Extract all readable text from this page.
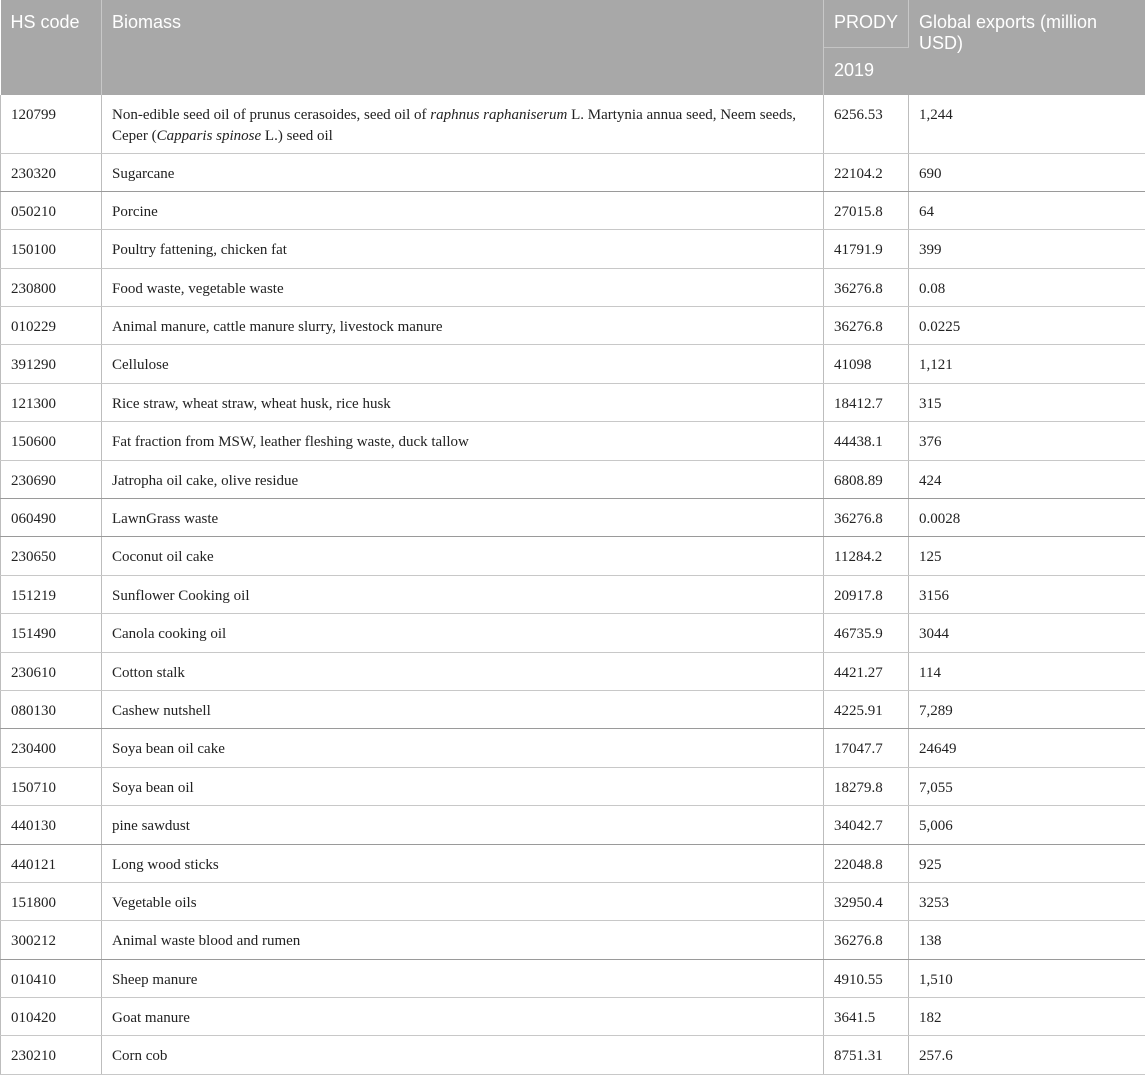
HS code	Biomass	PRODY	Global exports (million USD)
		2019	
120799	Non-edible seed oil of prunus cerasoides, seed oil of raphnus raphaniserum L. Martynia annua seed, Neem seeds, Ceper (Capparis spinose L.) seed oil	6256.53	1,244
230320	Sugarcane	22104.2	690
050210	Porcine	27015.8	64
150100	Poultry fattening, chicken fat	41791.9	399
230800	Food waste, vegetable waste	36276.8	0.08
010229	Animal manure, cattle manure slurry, livestock manure	36276.8	0.0225
391290	Cellulose	41098	1,121
121300	Rice straw, wheat straw, wheat husk, rice husk	18412.7	315
150600	Fat fraction from MSW, leather fleshing waste, duck tallow	44438.1	376
230690	Jatropha oil cake, olive residue	6808.89	424
060490	LawnGrass waste	36276.8	0.0028
230650	Coconut oil cake	11284.2	125
151219	Sunflower Cooking oil	20917.8	3156
151490	Canola cooking oil	46735.9	3044
230610	Cotton stalk	4421.27	114
080130	Cashew nutshell	4225.91	7,289
230400	Soya bean oil cake	17047.7	24649
150710	Soya bean oil	18279.8	7,055
440130	pine sawdust	34042.7	5,006
440121	Long wood sticks	22048.8	925
151800	Vegetable oils	32950.4	3253
300212	Animal waste blood and rumen	36276.8	138
010410	Sheep manure	4910.55	1,510
010420	Goat manure	3641.5	182
230210	Corn cob	8751.31	257.6
